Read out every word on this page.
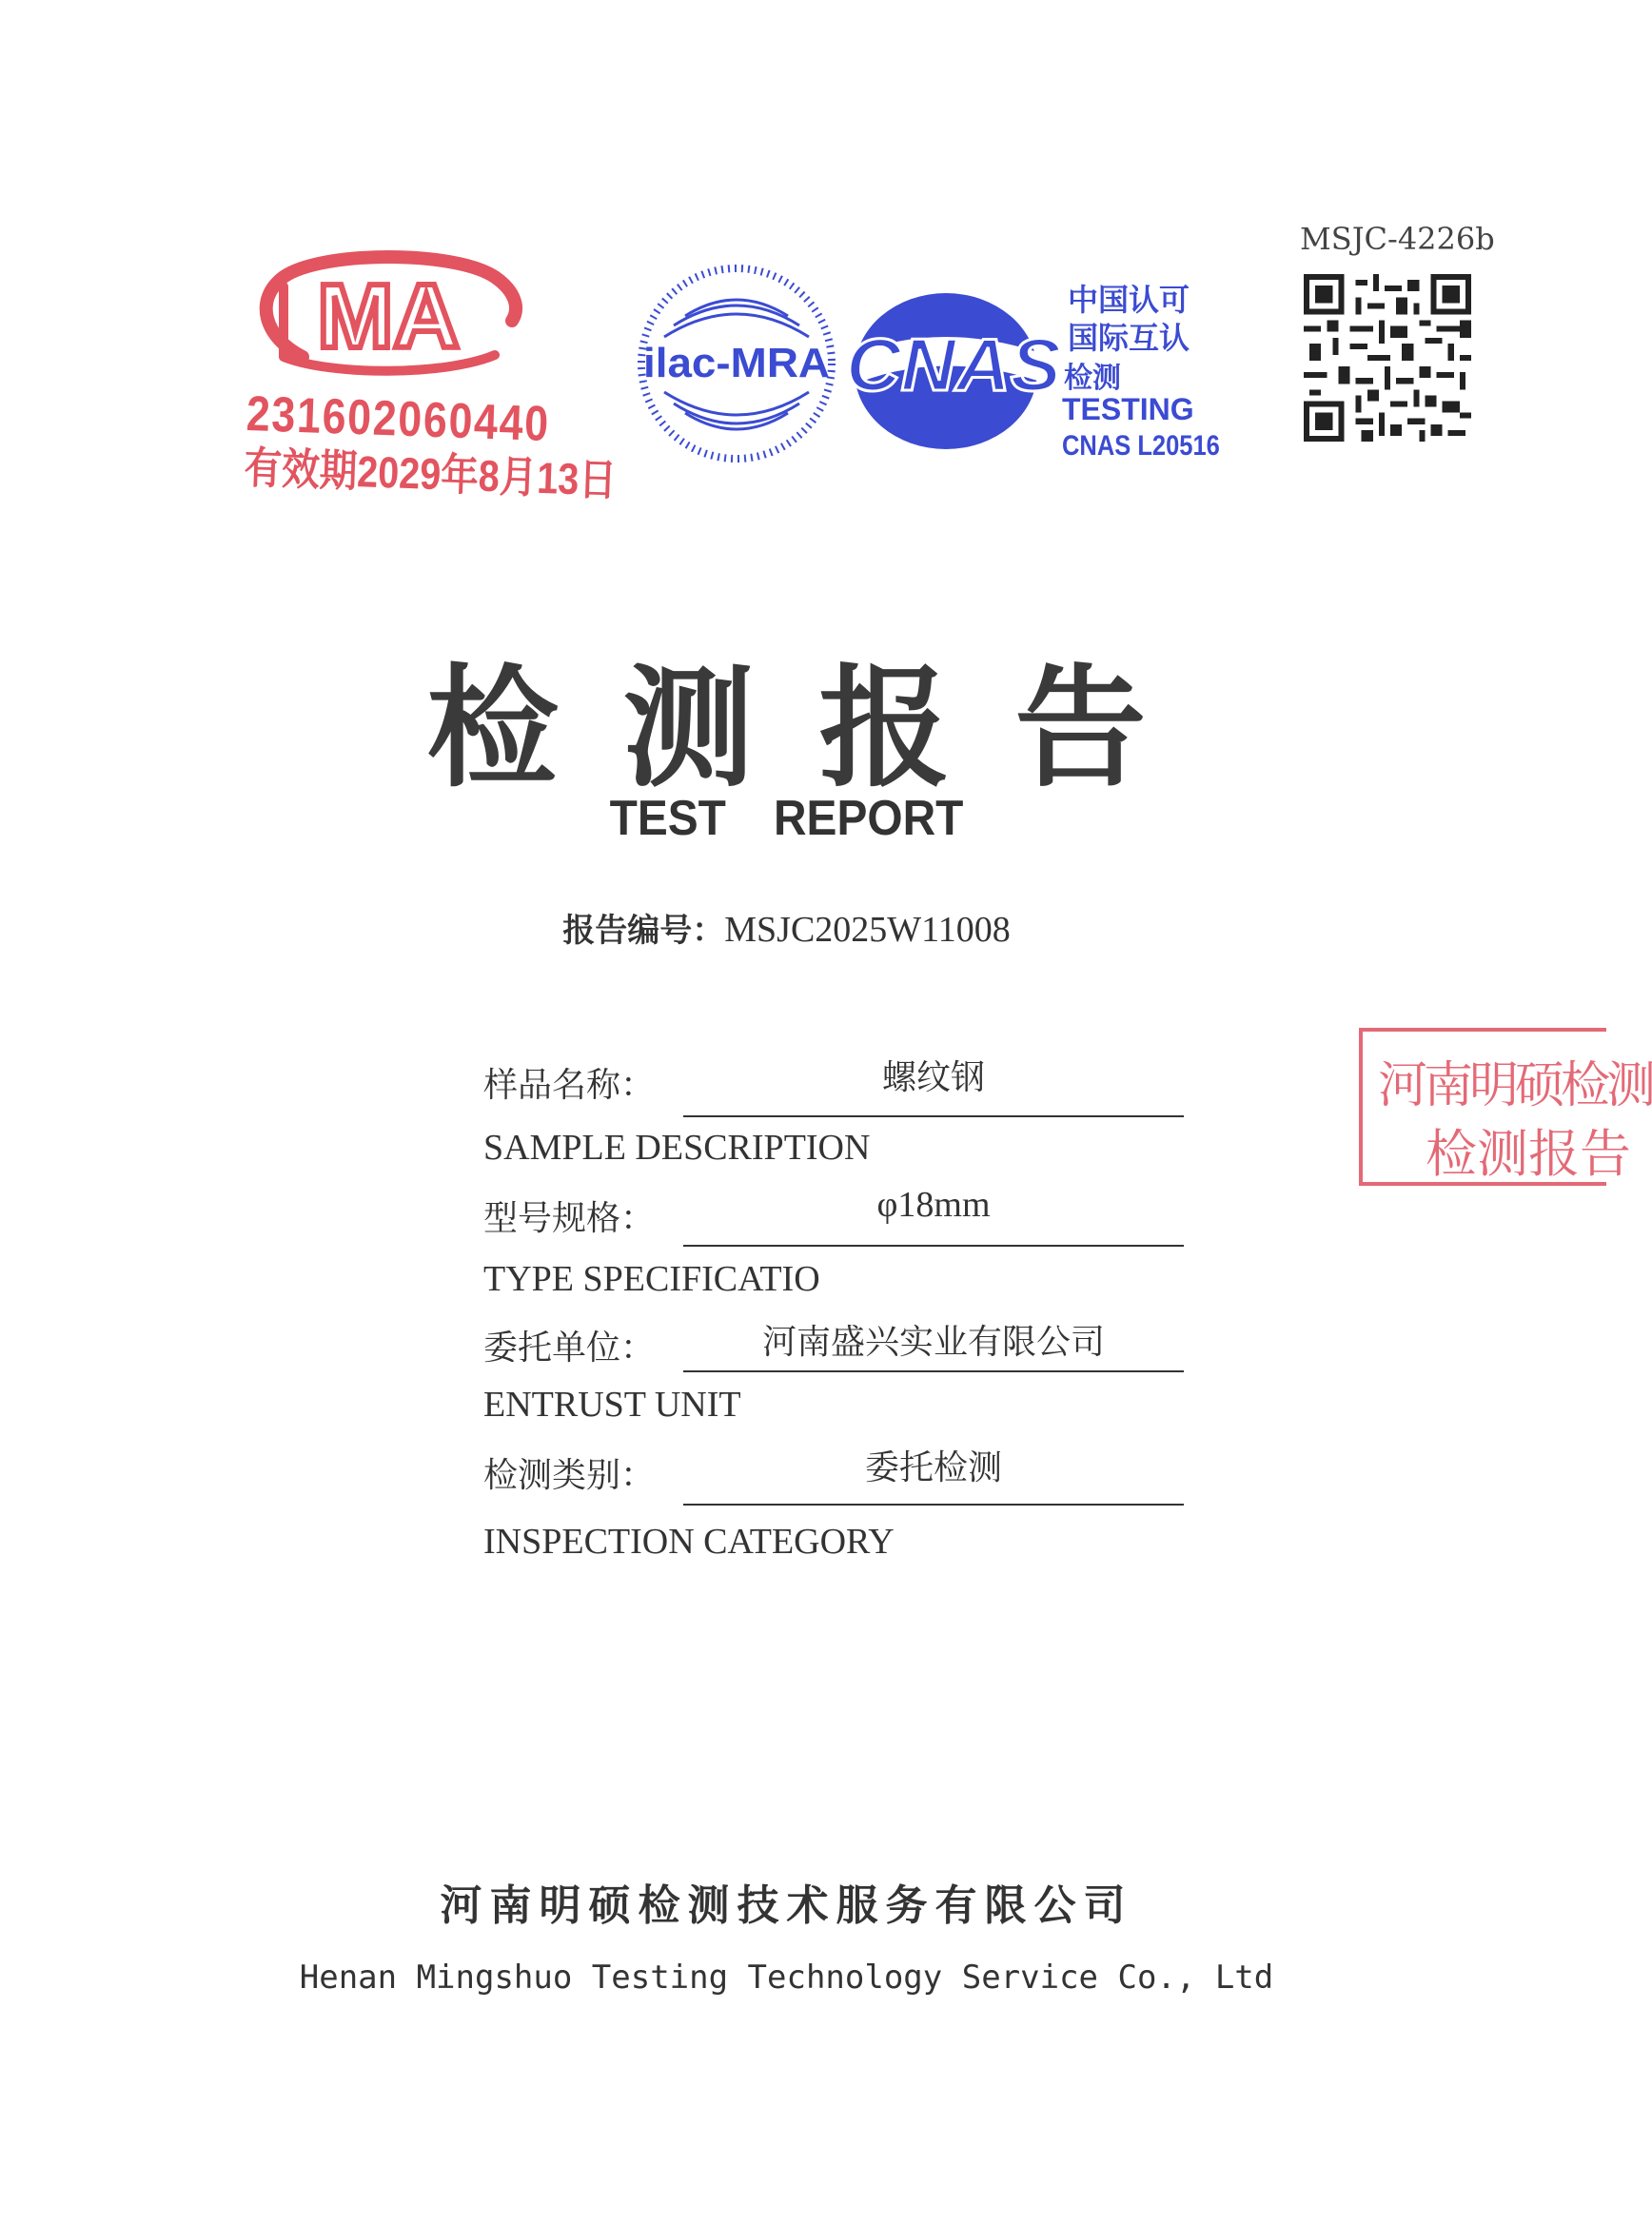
MA
231602060440
有效期2029年8月13日
ilac-MRA CNAS
中国认可
国际互认
检测
TESTING
CNAS L20516
MSJC-4226b
检测报告
TEST REPORT
报告编号：MSJC2025W11008
样品名称：	螺纹钢
SAMPLE DESCRIPTION
型号规格：	φ18mm
TYPE SPECIFICATIO
委托单位：	河南盛兴实业有限公司
ENTRUST UNIT
检测类别：	委托检测
INSPECTION CATEGORY
河南明硕检测
检测报告
河南明硕检测技术服务有限公司
Henan Mingshuo Testing Technology Service Co., Ltd
